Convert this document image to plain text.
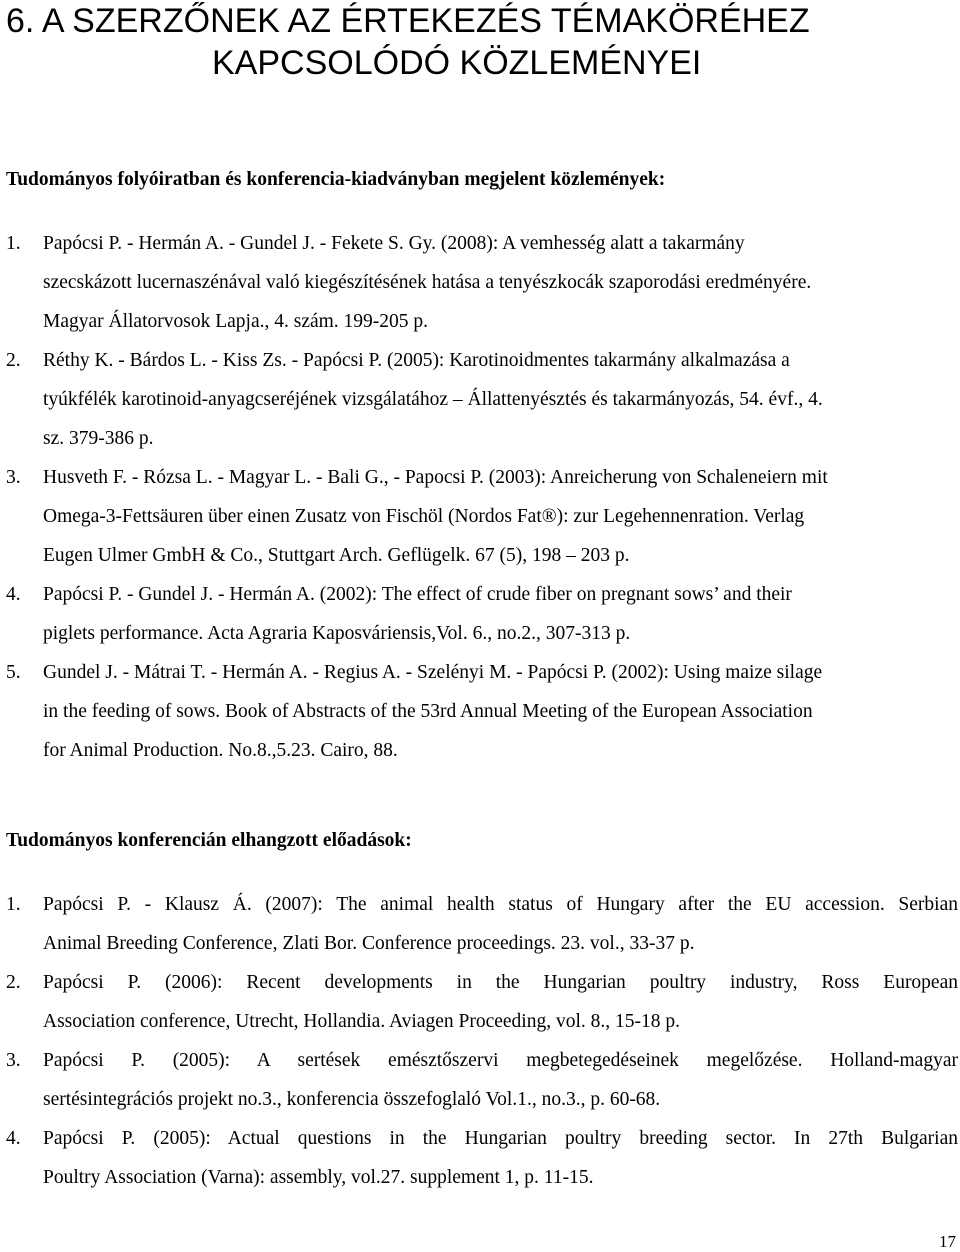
6. A SZERZŐNEK AZ ÉRTEKEZÉS TÉMAKÖRÉHEZ
KAPCSOLÓDÓ KÖZLEMÉNYEI
Tudományos folyóiratban és konferencia-kiadványban megjelent közlemények:
1. Papócsi P. - Hermán A. - Gundel J. - Fekete S. Gy. (2008): A vemhesség alatt a takarmány
szecskázott lucernaszénával való kiegészítésének hatása a tenyészkocák szaporodási eredményére.
Magyar Állatorvosok Lapja., 4. szám. 199-205 p.
2. Réthy K. - Bárdos L. - Kiss Zs. - Papócsi P. (2005): Karotinoidmentes takarmány alkalmazása a
tyúkfélék karotinoid-anyagcseréjének vizsgálatához – Állattenyésztés és takarmányozás, 54. évf., 4.
sz. 379-386 p.
3. Husveth F. - Rózsa L. - Magyar L. - Bali G., - Papocsi P. (2003): Anreicherung von Schaleneiern mit
Omega-3-Fettsäuren über einen Zusatz von Fischöl (Nordos Fat®): zur Legehennenration. Verlag
Eugen Ulmer GmbH & Co., Stuttgart Arch. Geflügelk. 67 (5), 198 – 203 p.
4. Papócsi P. - Gundel J. - Hermán A. (2002): The effect of crude fiber on pregnant sows’ and their
piglets performance. Acta Agraria Kaposváriensis,Vol. 6., no.2., 307-313 p.
5. Gundel J. - Mátrai T. - Hermán A. - Regius A. - Szelényi M. - Papócsi P. (2002): Using maize silage
in the feeding of sows. Book of Abstracts of the 53rd Annual Meeting of the European Association
for Animal Production. No.8.,5.23. Cairo, 88.
Tudományos konferencián elhangzott előadások:
1. Papócsi P. - Klausz Á. (2007): The animal health status of Hungary after the EU accession. Serbian
Animal Breeding Conference, Zlati Bor. Conference proceedings. 23. vol., 33-37 p.
2. Papócsi P. (2006): Recent developments in the Hungarian poultry industry, Ross European
Association conference, Utrecht, Hollandia. Aviagen Proceeding, vol. 8., 15-18 p.
3. Papócsi P. (2005): A sertések emésztőszervi megbetegedéseinek megelőzése. Holland-magyar
sertésintegrációs projekt no.3., konferencia összefoglaló Vol.1., no.3., p. 60-68.
4. Papócsi P. (2005): Actual questions in the Hungarian poultry breeding sector. In 27th Bulgarian
Poultry Association (Varna): assembly, vol.27. supplement 1, p. 11-15.
17
